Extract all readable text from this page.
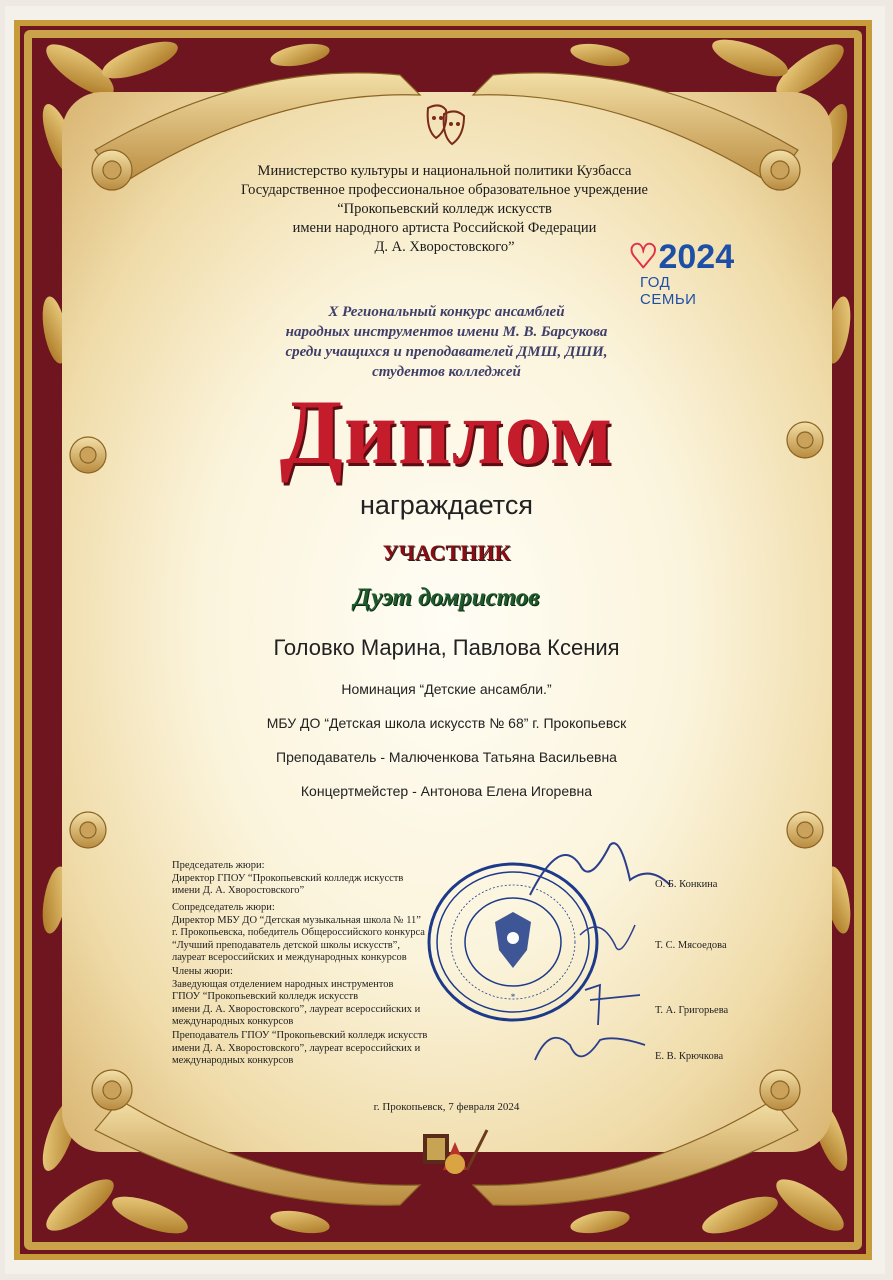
Министерство культуры и национальной политики Кузбасса
Государственное профессиональное образовательное учреждение
“Прокопьевский колледж искусств
имени народного артиста Российской Федерации
Д. А. Хворостовского”	♡2024
ГОД СЕМЬИ
X Региональный конкурс ансамблей
народных инструментов имени М. В. Барсукова
среди учащихся и преподавателей ДМШ, ДШИ,
студентов колледжей
Диплом
награждается
УЧАСТНИК
Дуэт домристов
Головко Марина, Павлова Ксения
Номинация “Детские ансамбли.”
МБУ ДО “Детская школа искусств № 68” г. Прокопьевск
Преподаватель - Малюченкова Татьяна Васильевна
Концертмейстер - Антонова Елена Игоревна
Председатель жюри:
Директор ГПОУ “Прокопьевский колледж искусств
имени Д. А. Хворостовского”
Сопредседатель жюри:
Директор МБУ ДО “Детская музыкальная школа № 11”
г. Прокопьевска, победитель Общероссийского конкурса
“Лучший преподаватель детской школы искусств”,
лауреат всероссийских и международных конкурсов
Члены жюри:
Заведующая отделением народных инструментов
ГПОУ “Прокопьевский колледж искусств
имени Д. А. Хворостовского”, лауреат всероссийских и
международных конкурсов
Преподаватель ГПОУ “Прокопьевский колледж искусств
имени Д. А. Хворостовского”, лауреат всероссийских и
международных конкурсов
*
О. Б. Конкина
Т. С. Мясоедова
Т. А. Григорьева
Е. В. Крючкова
г. Прокопьевск, 7 февраля 2024
